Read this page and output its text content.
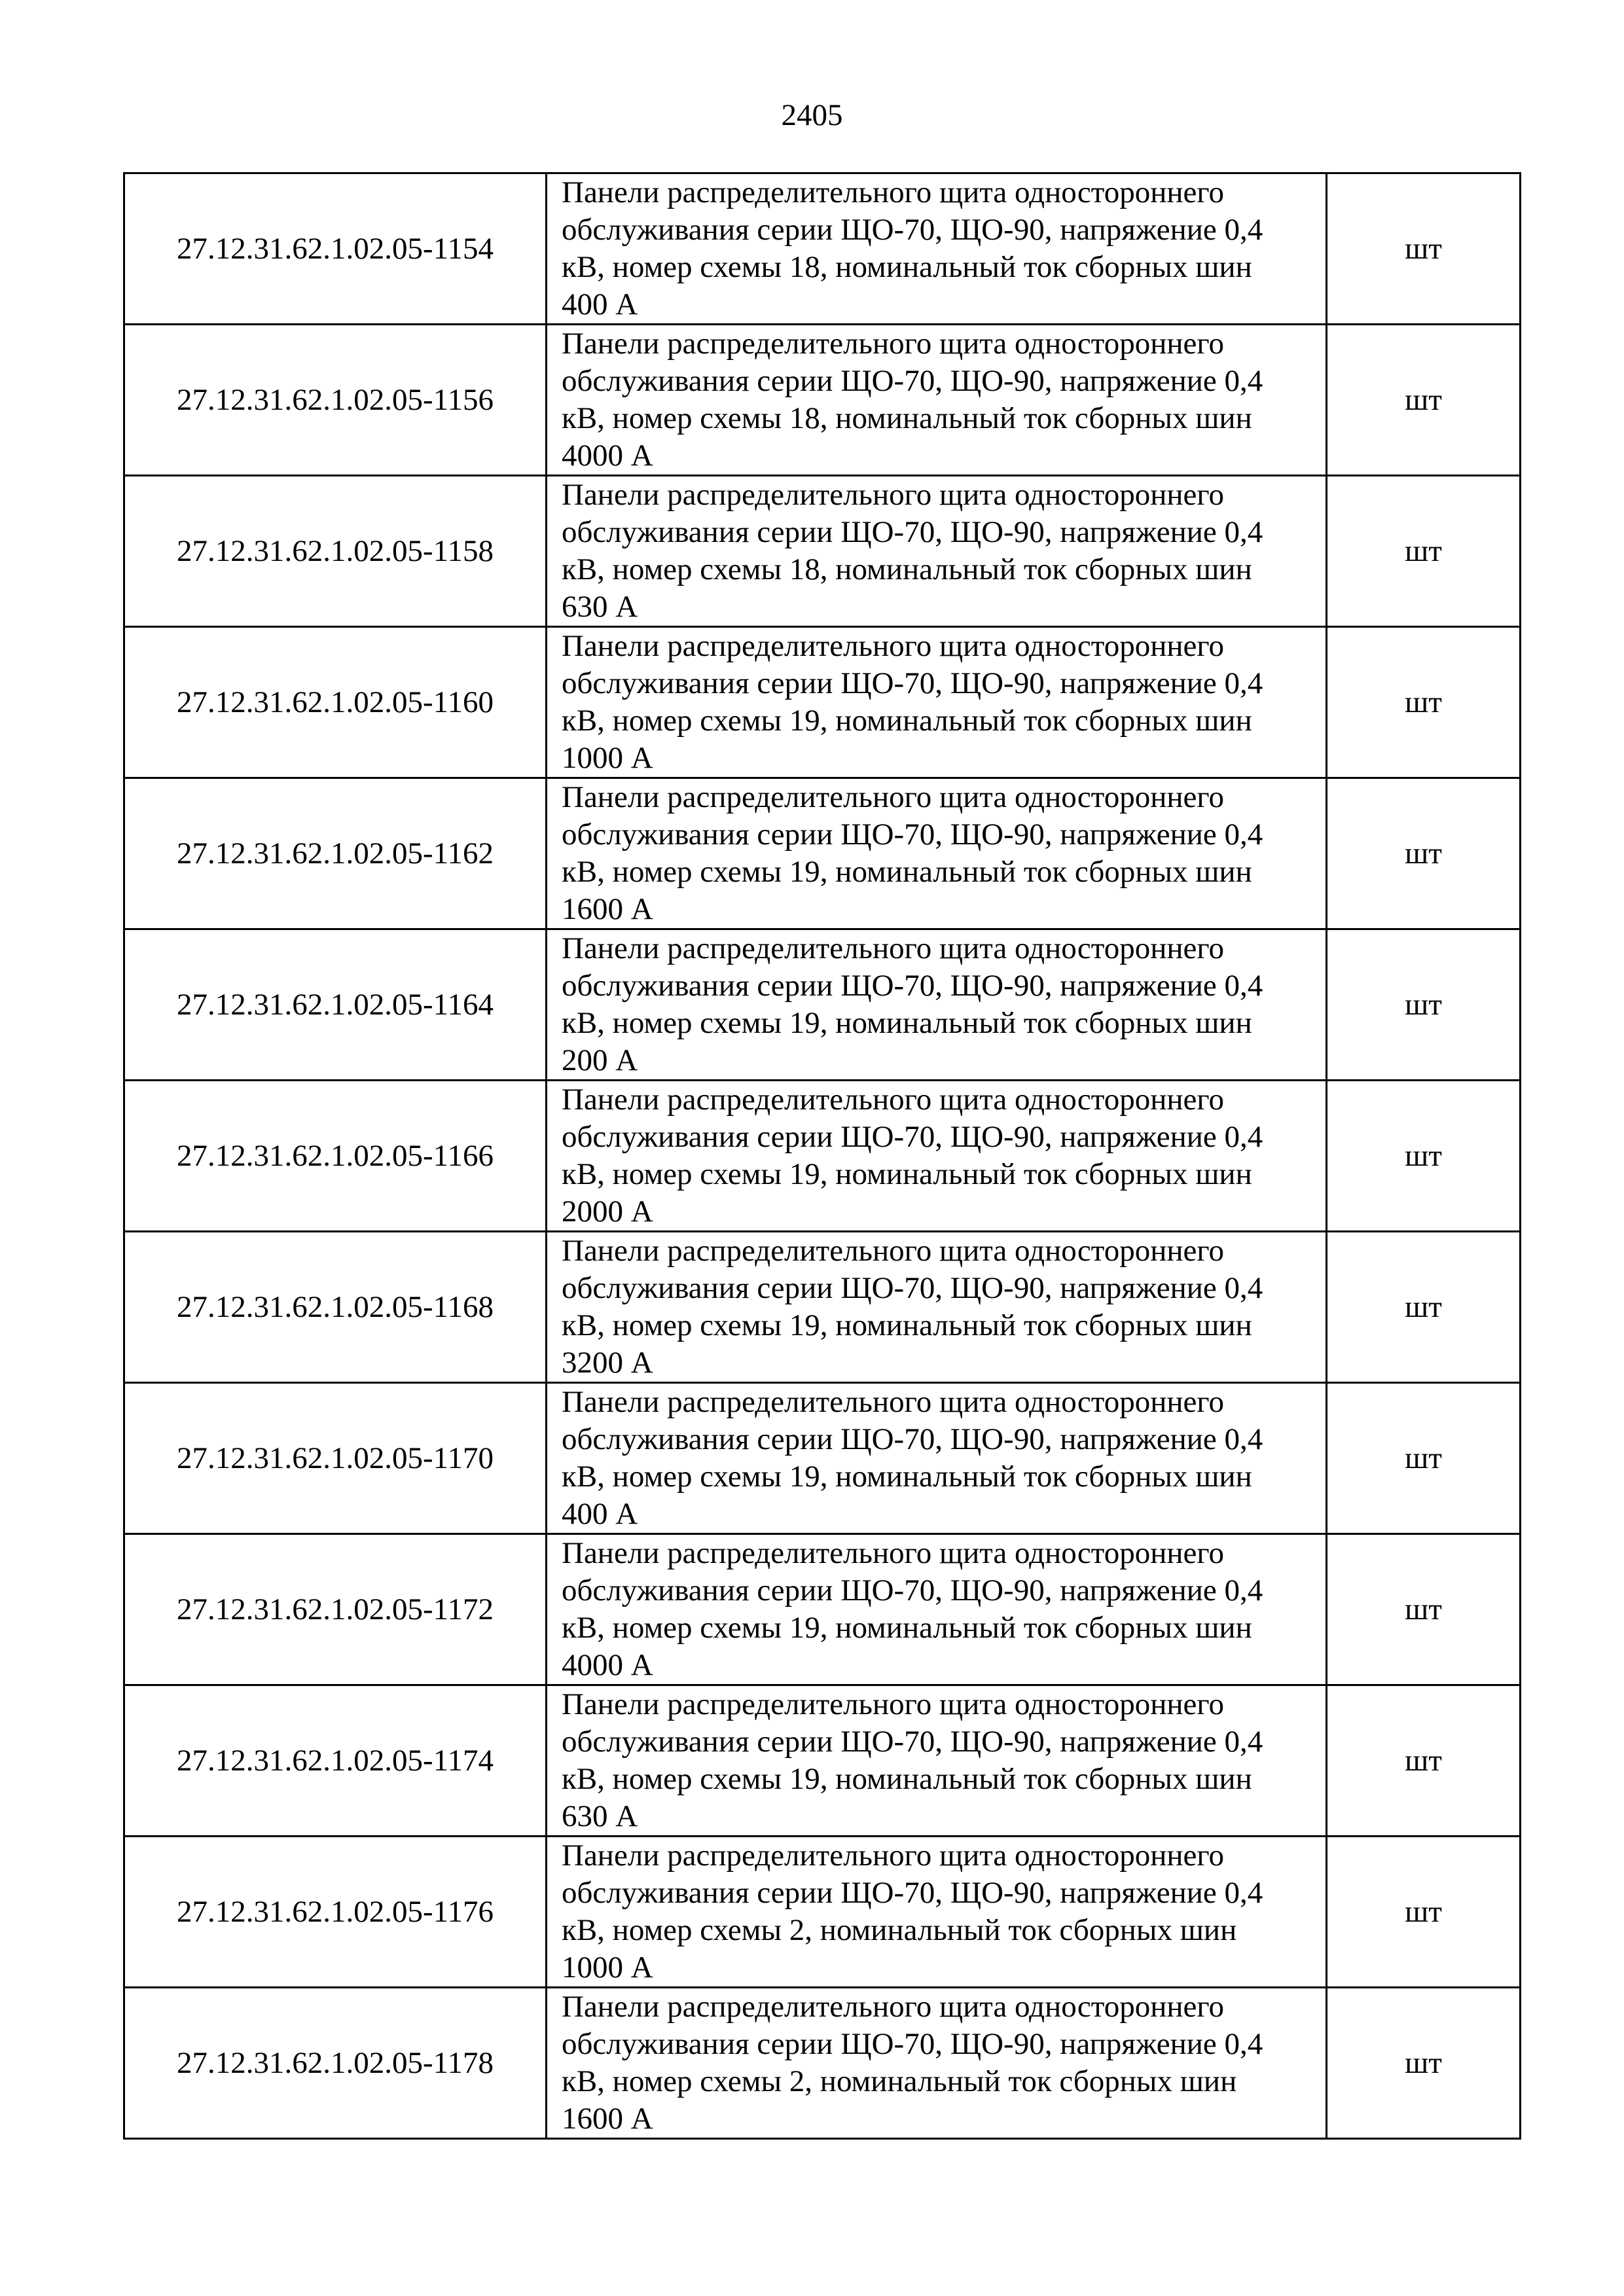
2405
27.12.31.62.1.02.05-1154	Панели распределительного щита одностороннего
обслуживания серии ЩО-70, ЩО-90, напряжение 0,4
кВ, номер схемы 18, номинальный ток сборных шин
400 А	шт
27.12.31.62.1.02.05-1156	Панели распределительного щита одностороннего
обслуживания серии ЩО-70, ЩО-90, напряжение 0,4
кВ, номер схемы 18, номинальный ток сборных шин
4000 А	шт
27.12.31.62.1.02.05-1158	Панели распределительного щита одностороннего
обслуживания серии ЩО-70, ЩО-90, напряжение 0,4
кВ, номер схемы 18, номинальный ток сборных шин
630 А	шт
27.12.31.62.1.02.05-1160	Панели распределительного щита одностороннего
обслуживания серии ЩО-70, ЩО-90, напряжение 0,4
кВ, номер схемы 19, номинальный ток сборных шин
1000 А	шт
27.12.31.62.1.02.05-1162	Панели распределительного щита одностороннего
обслуживания серии ЩО-70, ЩО-90, напряжение 0,4
кВ, номер схемы 19, номинальный ток сборных шин
1600 А	шт
27.12.31.62.1.02.05-1164	Панели распределительного щита одностороннего
обслуживания серии ЩО-70, ЩО-90, напряжение 0,4
кВ, номер схемы 19, номинальный ток сборных шин
200 А	шт
27.12.31.62.1.02.05-1166	Панели распределительного щита одностороннего
обслуживания серии ЩО-70, ЩО-90, напряжение 0,4
кВ, номер схемы 19, номинальный ток сборных шин
2000 А	шт
27.12.31.62.1.02.05-1168	Панели распределительного щита одностороннего
обслуживания серии ЩО-70, ЩО-90, напряжение 0,4
кВ, номер схемы 19, номинальный ток сборных шин
3200 А	шт
27.12.31.62.1.02.05-1170	Панели распределительного щита одностороннего
обслуживания серии ЩО-70, ЩО-90, напряжение 0,4
кВ, номер схемы 19, номинальный ток сборных шин
400 А	шт
27.12.31.62.1.02.05-1172	Панели распределительного щита одностороннего
обслуживания серии ЩО-70, ЩО-90, напряжение 0,4
кВ, номер схемы 19, номинальный ток сборных шин
4000 А	шт
27.12.31.62.1.02.05-1174	Панели распределительного щита одностороннего
обслуживания серии ЩО-70, ЩО-90, напряжение 0,4
кВ, номер схемы 19, номинальный ток сборных шин
630 А	шт
27.12.31.62.1.02.05-1176	Панели распределительного щита одностороннего
обслуживания серии ЩО-70, ЩО-90, напряжение 0,4
кВ, номер схемы 2, номинальный ток сборных шин
1000 А	шт
27.12.31.62.1.02.05-1178	Панели распределительного щита одностороннего
обслуживания серии ЩО-70, ЩО-90, напряжение 0,4
кВ, номер схемы 2, номинальный ток сборных шин
1600 А	шт
